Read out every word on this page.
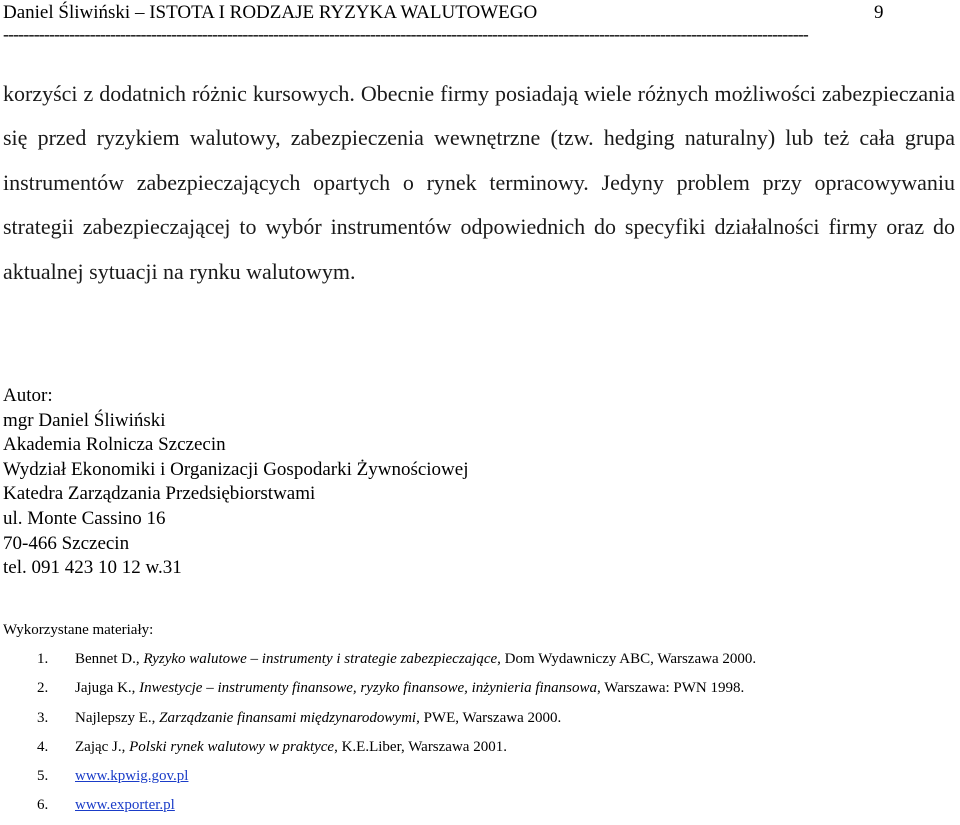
Daniel Śliwiński – ISTOTA I RODZAJE RYZYKA WALUTOWEGO	9
--------------------------------------------------------------------------------------------------------------------------------------------------------------
korzyści z dodatnich różnic kursowych. Obecnie firmy posiadają wiele różnych możliwości zabezpieczania się przed ryzykiem walutowy, zabezpieczenia wewnętrzne (tzw. hedging naturalny) lub też cała grupa instrumentów zabezpieczających opartych o rynek terminowy. Jedyny problem przy opracowywaniu strategii zabezpieczającej to wybór instrumentów odpowiednich do specyfiki działalności firmy oraz do aktualnej sytuacji na rynku walutowym.
Autor:
mgr Daniel Śliwiński
Akademia Rolnicza Szczecin
Wydział Ekonomiki i Organizacji Gospodarki Żywnościowej
Katedra Zarządzania Przedsiębiorstwami
ul. Monte Cassino 16
70-466 Szczecin
tel. 091 423 10 12 w.31
Wykorzystane materiały:
1. Bennet D., Ryzyko walutowe – instrumenty i strategie zabezpieczające, Dom Wydawniczy ABC, Warszawa 2000.
2. Jajuga K., Inwestycje – instrumenty finansowe, ryzyko finansowe, inżynieria finansowa, Warszawa: PWN 1998.
3. Najlepszy E., Zarządzanie finansami międzynarodowymi, PWE, Warszawa 2000.
4. Zając J., Polski rynek walutowy w praktyce, K.E.Liber, Warszawa 2001.
5. www.kpwig.gov.pl
6. www.exporter.pl
